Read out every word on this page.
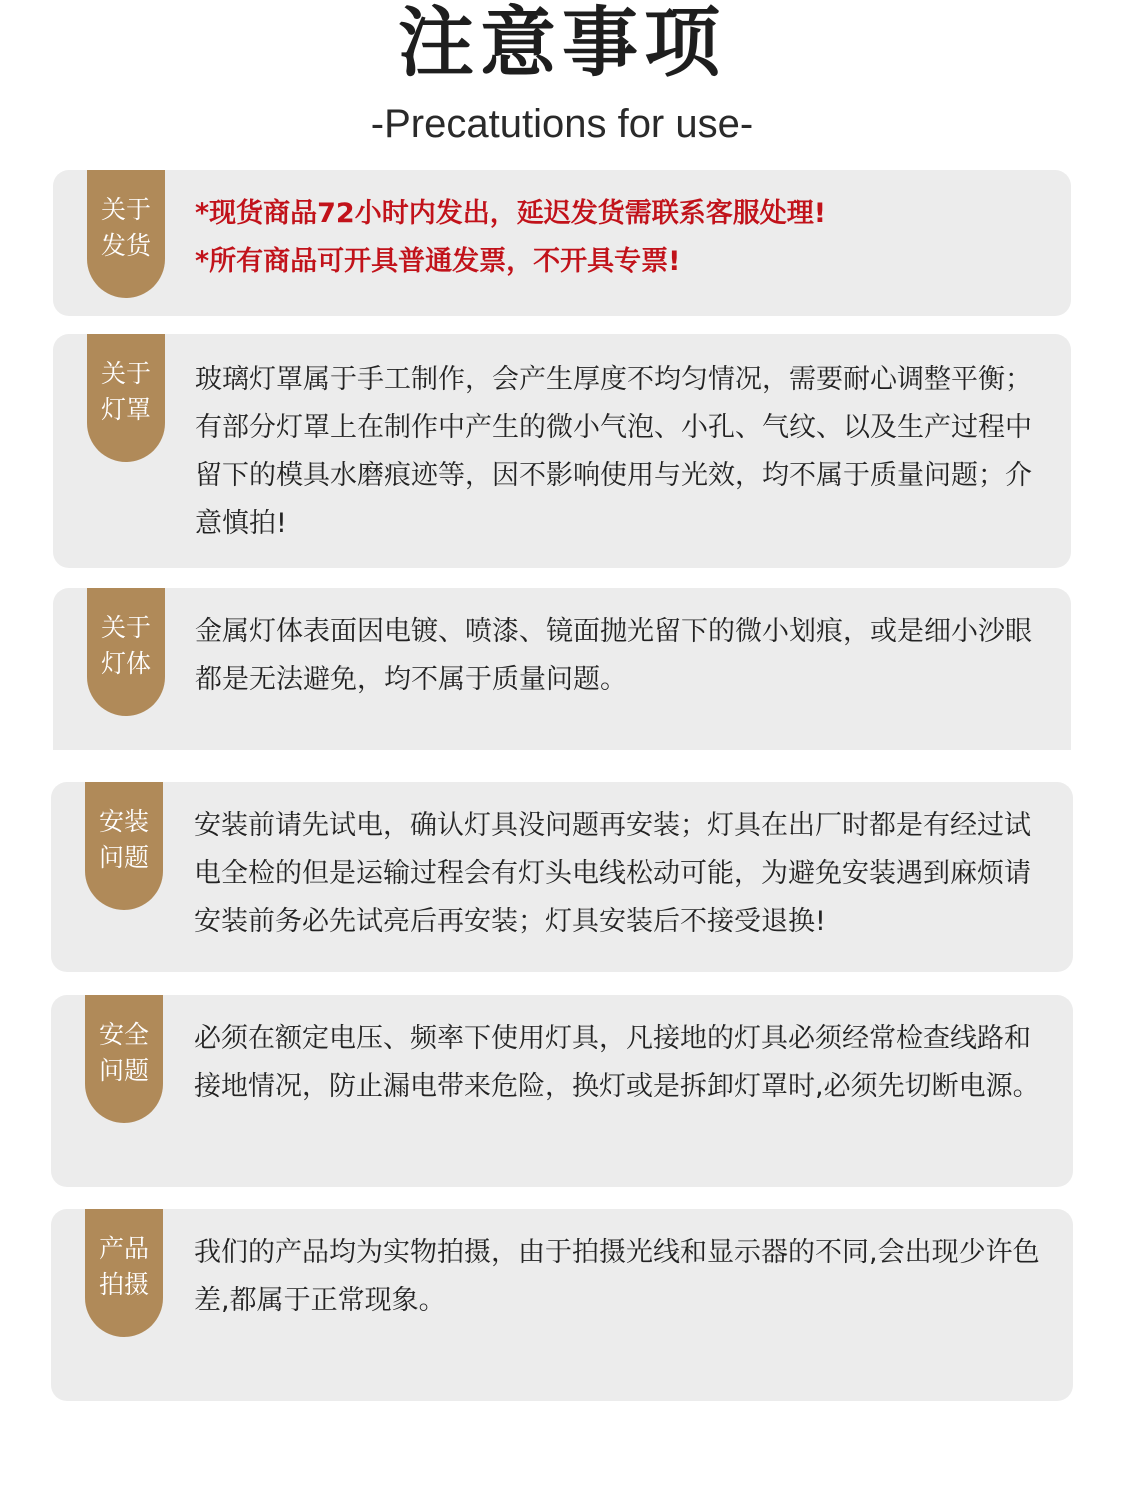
注意事项
-Precatutions for use-
关于
发货
*现货商品72小时内发出，延迟发货需联系客服处理!
*所有商品可开具普通发票，不开具专票!
关于
灯罩
玻璃灯罩属于手工制作，会产生厚度不均匀情况，需要耐心调整平衡；有部分灯罩上在制作中产生的微小气泡、小孔、气纹、以及生产过程中留下的模具水磨痕迹等，因不影响使用与光效，均不属于质量问题；介意慎拍!
关于
灯体
金属灯体表面因电镀、喷漆、镜面抛光留下的微小划痕，或是细小沙眼都是无法避免，均不属于质量问题。
安装
问题
安装前请先试电，确认灯具没问题再安装；灯具在出厂时都是有经过试电全检的但是运输过程会有灯头电线松动可能，为避免安装遇到麻烦请安装前务必先试亮后再安装；灯具安装后不接受退换!
安全
问题
必须在额定电压、频率下使用灯具，凡接地的灯具必须经常检查线路和接地情况，防止漏电带来危险，换灯或是拆卸灯罩时,必须先切断电源。
产品
拍摄
我们的产品均为实物拍摄，由于拍摄光线和显示器的不同,会出现少许色差,都属于正常现象。
